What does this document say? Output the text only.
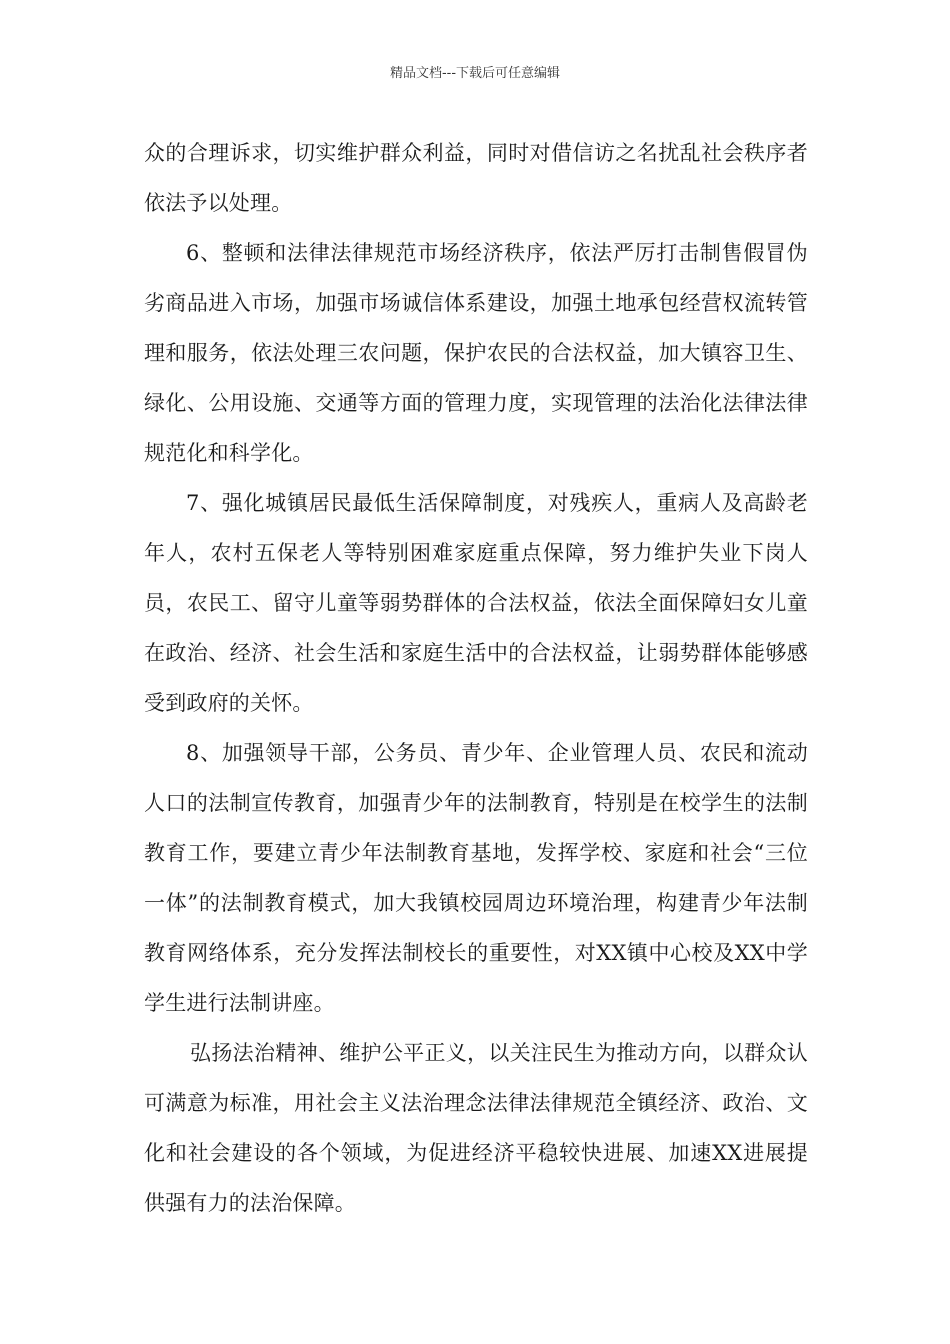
精品文档---下载后可任意编辑

众的合理诉求，切实维护群众利益，同时对借信访之名扰乱社会秩序者依法予以处理。

6、整顿和法律法律规范市场经济秩序，依法严厉打击制售假冒伪劣商品进入市场，加强市场诚信体系建设，加强土地承包经营权流转管理和服务，依法处理三农问题，保护农民的合法权益，加大镇容卫生、绿化、公用设施、交通等方面的管理力度，实现管理的法治化法律法律规范化和科学化。

7、强化城镇居民最低生活保障制度，对残疾人，重病人及高龄老年人，农村五保老人等特别困难家庭重点保障，努力维护失业下岗人员，农民工、留守儿童等弱势群体的合法权益，依法全面保障妇女儿童在政治、经济、社会生活和家庭生活中的合法权益，让弱势群体能够感受到政府的关怀。

8、加强领导干部，公务员、青少年、企业管理人员、农民和流动人口的法制宣传教育，加强青少年的法制教育，特别是在校学生的法制教育工作，要建立青少年法制教育基地，发挥学校、家庭和社会“三位一体”的法制教育模式，加大我镇校园周边环境治理，构建青少年法制教育网络体系，充分发挥法制校长的重要性，对XX镇中心校及XX中学学生进行法制讲座。

弘扬法治精神、维护公平正义，以关注民生为推动方向，以群众认可满意为标准，用社会主义法治理念法律法律规范全镇经济、政治、文化和社会建设的各个领域，为促进经济平稳较快进展、加速XX进展提供强有力的法治保障。
